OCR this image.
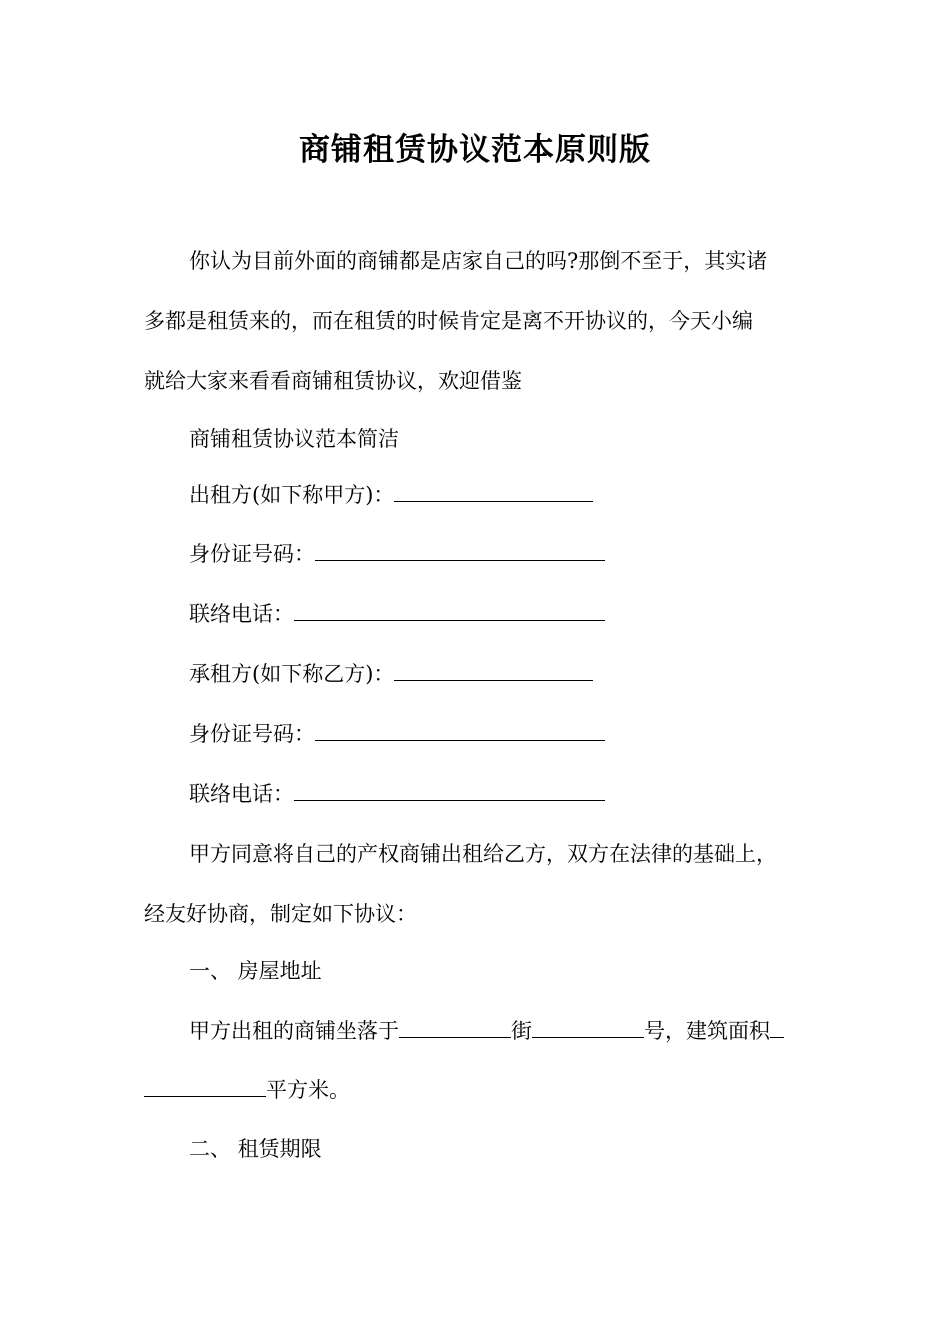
商铺租赁协议范本原则版
你认为目前外面的商铺都是店家自己的吗?那倒不至于，其实诸
多都是租赁来的，而在租赁的时候肯定是离不开协议的，今天小编
就给大家来看看商铺租赁协议，欢迎借鉴
商铺租赁协议范本简洁
出租方(如下称甲方)：
身份证号码：
联络电话：
承租方(如下称乙方)：
身份证号码：
联络电话：
甲方同意将自己的产权商铺出租给乙方，双方在法律的基础上，
经友好协商，制定如下协议：
一、 房屋地址
甲方出租的商铺坐落于	街	号，建筑面积
平方米。
二、 租赁期限
